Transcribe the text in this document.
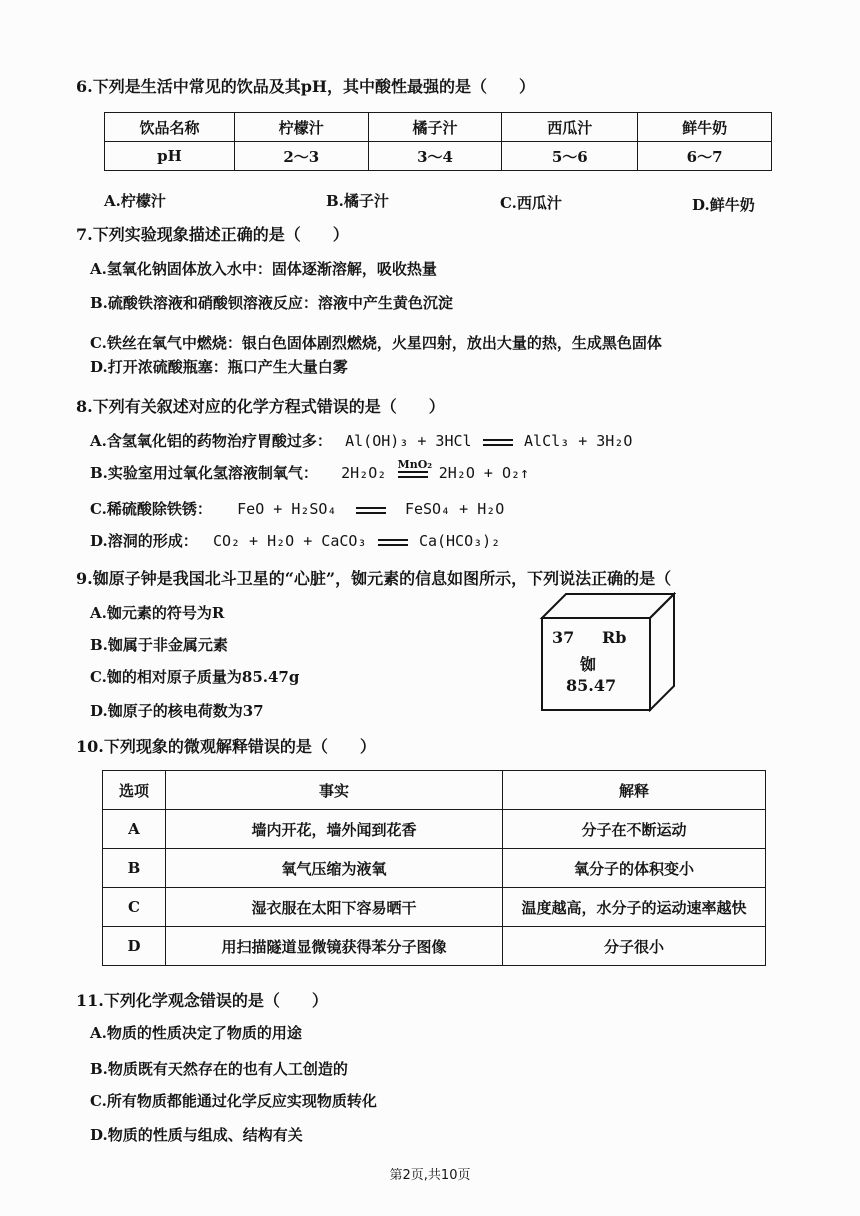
6.下列是生活中常见的饮品及其pH，其中酸性最强的是（　　）
饮品名称	柠檬汁	橘子汁	西瓜汁	鲜牛奶
pH	2～3	3～4	5～6	6～7
A.柠檬汁	B.橘子汁	C.西瓜汁	D.鲜牛奶
7.下列实验现象描述正确的是（　　）
A.氢氧化钠固体放入水中：固体逐渐溶解，吸收热量
B.硫酸铁溶液和硝酸钡溶液反应：溶液中产生黄色沉淀
C.铁丝在氧气中燃烧：银白色固体剧烈燃烧，火星四射，放出大量的热，生成黑色固体
D.打开浓硫酸瓶塞：瓶口产生大量白雾
8.下列有关叙述对应的化学方程式错误的是（　　）
A.含氢氧化铝的药物治疗胃酸过多： Al(OH)₃ + 3HCl	AlCl₃ + 3H₂O
B.实验室用过氧化氢溶液制氧气： 2H₂O₂ MnO₂ 2H₂O + O₂↑
C.稀硫酸除铁锈： FeO + H₂SO₄	FeSO₄ + H₂O
D.溶洞的形成： CO₂ + H₂O + CaCO₃	Ca(HCO₃)₂
9.铷原子钟是我国北斗卫星的“心脏”，铷元素的信息如图所示，下列说法正确的是（
A.铷元素的符号为R
B.铷属于非金属元素
C.铷的相对原子质量为85.47g
D.铷原子的核电荷数为37
37 Rb
铷
85.47
10.下列现象的微观解释错误的是（　　）
选项	事实	解释
A	墙内开花，墙外闻到花香	分子在不断运动
B	氧气压缩为液氧	氧分子的体积变小
C	湿衣服在太阳下容易晒干	温度越高，水分子的运动速率越快
D	用扫描隧道显微镜获得苯分子图像	分子很小
11.下列化学观念错误的是（　　）
A.物质的性质决定了物质的用途
B.物质既有天然存在的也有人工创造的
C.所有物质都能通过化学反应实现物质转化
D.物质的性质与组成、结构有关
第2页,共10页
